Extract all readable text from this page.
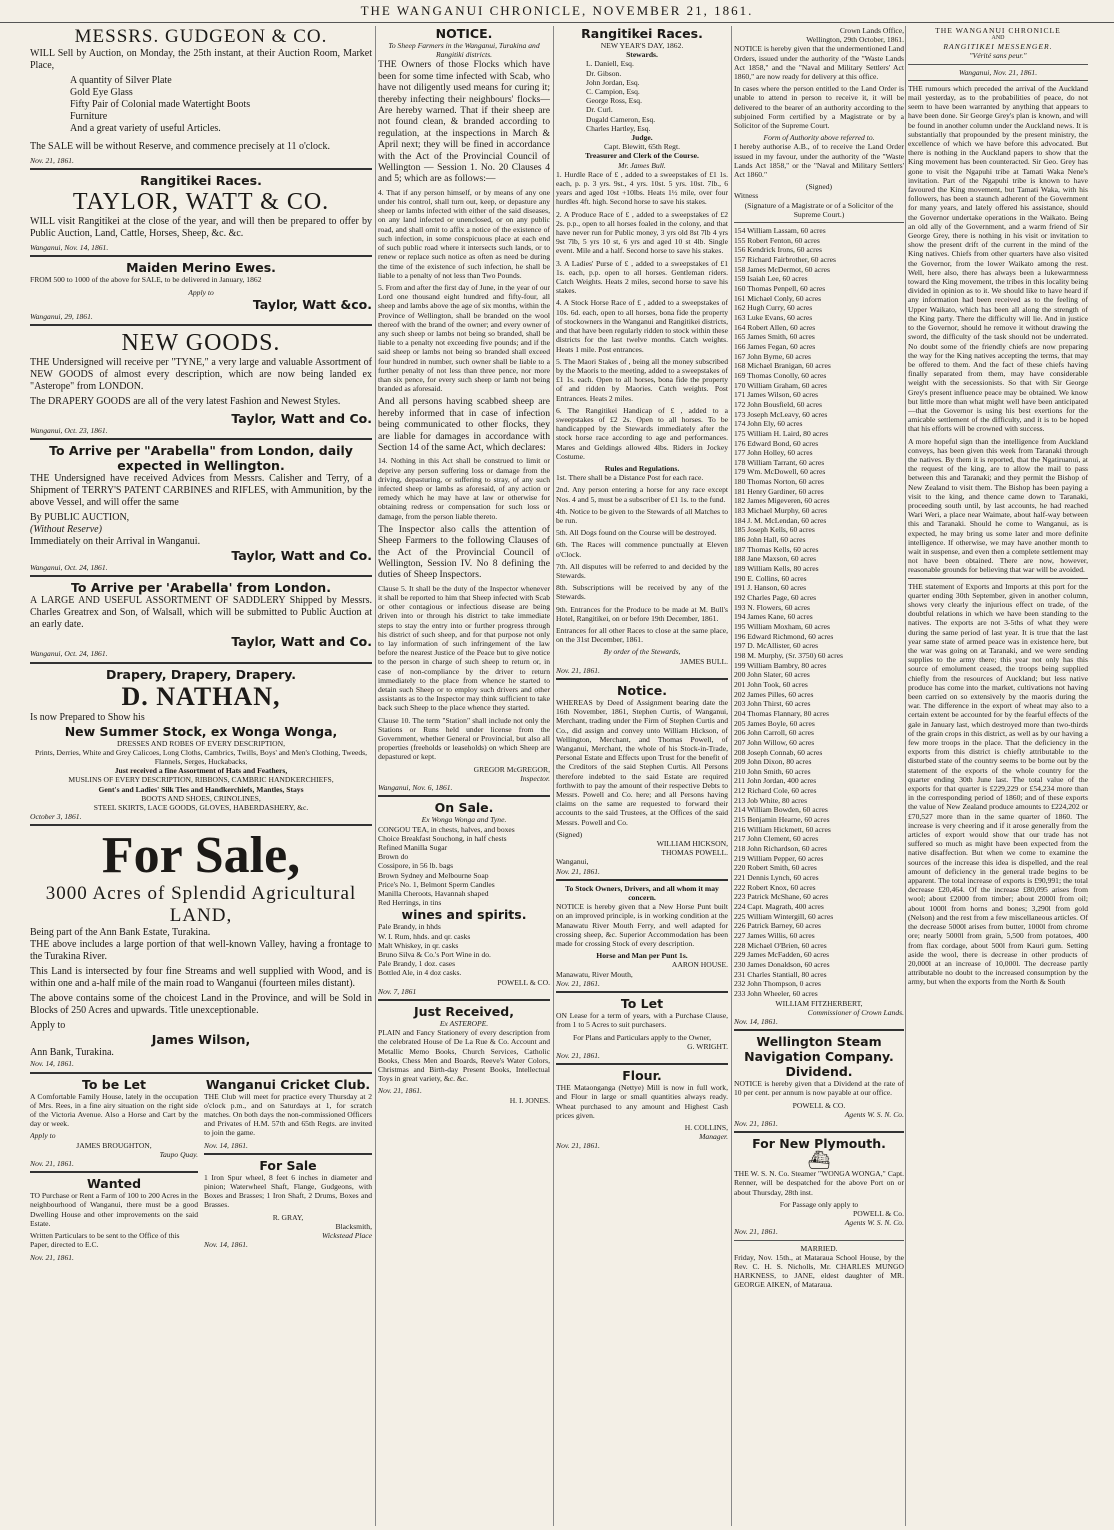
THE WANGANUI CHRONICLE, NOVEMBER 21, 1861.
MESSRS. GUDGEON & CO.

WILL Sell by Auction, on Monday, the 25th instant, at their Auction Room, Market Place,

A quantity of Silver Plate
Gold Eye Glass
Fifty Pair of Colonial made Watertight Boots
Furniture
And a great variety of useful Articles.

The SALE will be without Reserve, and commence precisely at 11 o'clock.

Nov. 21, 1861.
Rangitikei Races.
TAYLOR, WATT & CO.

WILL visit Rangitikei at the close of the year, and will then be prepared to offer by Public Auction, Land, Cattle, Horses, Sheep, &c. &c.

Wanganui, Nov. 14, 1861.
Maiden Merino Ewes.

FROM 500 to 1000 of the above for SALE, to be delivered in January, 1862

Apply to
Taylor, Watt &co.
Wanganui, 29, 1861.
NEW GOODS.

THE Undersigned will receive per "TYNE," a very large and valuable Assortment of NEW GOODS of almost every description, which are now being landed ex "Asterope" from LONDON.

The DRAPERY GOODS are all of the very latest Fashion and Newest Styles.

Taylor, Watt and Co.
Wanganui, Oct. 23, 1861.
To Arrive per "Arabella" from London, daily expected in Wellington.

THE Undersigned have received Advices from Messrs. Calisher and Terry, of a Shipment of TERRY'S PATENT CARBINES and RIFLES, with Ammunition, by the above Vessel, and will offer the same

By PUBLIC AUCTION,
(Without Reserve)
Immediately on their Arrival in Wanganui.
Taylor, Watt and Co.
Wanganui, Oct. 24, 1861.
To Arrive per 'Arabella' from London.

A LARGE AND USEFUL ASSORTMENT OF SADDLERY Shipped by Messrs. Charles Greatrex and Son, of Walsall, which will be submitted to Public Auction at an early date.

Taylor, Watt and Co.
Wanganui, Oct. 24, 1861.
Drapery, Drapery, Drapery.
D. NATHAN,
Is now Prepared to Show his
New Summer Stock, ex Wonga Wonga,
DRESSES AND ROBES OF EVERY DESCRIPTION,
Prints, Derries, White and Grey Calicoes, Long Cloths, Cambrics, Twills, Boys' and Men's Clothing, Tweeds, Flannels, Serges, Huckabacks,
Just received a fine Assortment of Hats and Feathers,
MUSLINS OF EVERY DESCRIPTION, RIBBONS, CAMBRIC HANDKERCHIEFS,
Gent's and Ladies' Silk Ties and Handkerchiefs, Mantles, Stays
BOOTS AND SHOES, CRINOLINES,
STEEL SKIRTS, LACE GOODS, GLOVES, HABERDASHERY, &c.
October 3, 1861.
For Sale,
3000 Acres of Splendid Agricultural LAND,
Being part of the Ann Bank Estate, Turakina.

THE above includes a large portion of that well-known Valley, having a frontage to the Turakina River.

This Land is intersected by four fine Streams and well supplied with Wood, and is within one and a-half mile of the main road to Wanganui (fourteen miles distant).

The above contains some of the choicest Land in the Province, and will be Sold in Blocks of 250 Acres and upwards. Title unexceptionable.

Apply to
James Wilson,
Ann Bank, Turakina.
Nov. 14, 1861.
To be Let

A Comfortable Family House, lately in the occupation of Mrs. Rees, in a fine airy situation on the right side of the Victoria Avenue. Also a Horse and Cart by the day or week.

Apply to
JAMES BROUGHTON,
Taupo Quay.
Nov. 21, 1861.
Wanted

TO Purchase or Rent a Farm of 100 to 200 Acres in the neighbourhood of Wanganui, there must be a good Dwelling House and other improvements on the said Estate.

Written Particulars to be sent to the Office of this Paper, directed to E.C.

Nov. 21, 1861.
Wanganui Cricket Club.

THE Club will meet for practice every Thursday at 2 o'clock p.m., and on Saturdays at 1, for scratch matches. On both days the non-commissioned Officers and Privates of H.M. 57th and 65th Regts. are invited to join the game.

Nov. 14, 1861.
For Sale

1 Iron Spur wheel, 8 feet 6 inches in diameter and pinion; Waterwheel Shaft, Flange, Gudgeons, with Boxes and Brasses; 1 Iron Shaft, 2 Drums, Boxes and Brasses.

R. GRAY,
Blacksmith,
Wickstead Place
Nov. 14, 1861.
NOTICE.
To Sheep Farmers in the Wanganui, Turakina and Rangitiki districts.

THE Owners of those Flocks which have been for some time infected with Scab, who have not diligently used means for curing it; thereby infecting their neighbours' flocks—Are hereby warned. That if their sheep are not found clean, & branded according to regulation, at the inspections in March & April next; they will be fined in accordance with the Act of the Provincial Council of Wellington — Session 1. No. 20 Clauses 4 and 5; which are as follows:—

4. That if any person himself, or by means of any one under his control, shall turn out, keep, or depasture any sheep or lambs infected with either of the said diseases, on any land infected or unenclosed, or on any public road, and shall omit to affix a notice of the existence of such infection, in some conspicuous place at each end of such public road where it intersects such lands, or to renew or replace such notice as often as need be during the time of the existence of such infection, he shall be liable to a penalty of not less than Two Pounds.

5. From and after the first day of June, in the year of our Lord one thousand eight hundred and fifty-four, all sheep and lambs above the age of six months, within the Province of Wellington, shall be branded on the wool thereof with the brand of the owner; and every owner of any such sheep or lambs not being so branded, shall be liable to a penalty not exceeding five pounds; and if the said sheep or lambs not being so branded shall exceed four hundred in number, such owner shall be liable to a further penalty of not less than three pence, nor more than six pence, for every such sheep or lamb not being branded as aforesaid.

And all persons having scabbed sheep are hereby informed that in case of infection being communicated to other flocks, they are liable for damages in accordance with Section 14 of the same Act, which declares:

14. Nothing in this Act shall be construed to limit or deprive any person suffering loss or damage from the driving, depasturing, or suffering to stray, of any such infected sheep or lambs as aforesaid, of any action or remedy which he may have at law or otherwise for obtaining redress or compensation for such loss or damage, from the person liable thereto.

The Inspector also calls the attention of Sheep Farmers to the following Clauses of the Act of the Provincial Council of Wellington, Session IV. No 8 defining the duties of Sheep Inspectors.

Clause 5. It shall be the duty of the Inspector whenever it shall be reported to him that Sheep infected with Scab or other contagious or infectious disease are being driven into or through his district to take immediate steps to stay the entry into or further progress through his district of such sheep, and for that purpose not only to lay information of such infringement of the law before the nearest Justice of the Peace but to give notice to the person in charge of such sheep to return or, in case of non-compliance by the driver to return immediately to the place from whence he started to detain such Sheep or to employ such drivers and other assistants as to the Inspector may think sufficient to take back such Sheep to the place whence they started.

Clause 10. The term "Station" shall include not only the Stations or Runs held under license from the Government, whether General or Provincial, but also all properties (freeholds or leaseholds) on which Sheep are depastured or kept.

GREGOR McGREGOR,
Inspector.
Wanganui, Nov. 6, 1861.
On Sale.
Ex Wonga Wonga and Tyne.
CONGOU TEA, in chests, halves, and boxes
Choice Breakfast Souchong, in half chests
Refined Manilla Sugar
Brown do
Cossipore, in 56 lb. bags
Brown Sydney and Melbourne Soap
Price's No. 1, Belmont Sperm Candles
Manilla Cheroots, Havannah shaped
Red Herrings, in tins
wines and spirits.
Pale Brandy, in hhds
W. I. Rum, hhds. and qr. casks
Malt Whiskey, in qr. casks
Bruno Silva & Co.'s Port Wine in do.
Pale Brandy, 1 doz. cases
Bottled Ale, in 4 doz casks.
POWELL & CO.
Nov. 7, 1861
Just Received,
Ex ASTEROPE.

PLAIN and Fancy Stationery of every description from the celebrated House of De La Rue & Co. Account and Metallic Memo Books, Church Services, Catholic Books, Chess Men and Boards, Reeve's Water Colors, Christmas and Birth-day Present Books, Intellectual Toys in great variety, &c. &c.

Nov. 21, 1861.
H. I. JONES.
Rangitikei Races.
NEW YEAR'S DAY, 1862.
Stewards.
L. Daniell, Esq.
Dr. Gibson.
John Jordan, Esq.
C. Campion, Esq.
George Ross, Esq.
Dr. Curl.
Dugald Cameron, Esq.
Charles Hartley, Esq.
Judge.
Capt. Blewitt, 65th Regt.
Treasurer and Clerk of the Course.
Mr. James Bull.

1. Hurdle Race of £ , added to a sweepstakes of £1 1s. each, p. p. 3 yrs. 9st., 4 yrs. 10st. 5 yrs. 10st. 7lb., 6 years and aged 10st +10lbs. Heats 1½ mile, over four hurdles 4ft. high. Second horse to save his stakes.

2. A Produce Race of £ , added to a sweepstakes of £2 2s. p.p., open to all horses foaled in the colony, and that have never run for Public money, 3 yrs old 8st 7lb 4 yrs 9st 7lb, 5 yrs 10 st, 6 yrs and aged 10 st 4lb. Single event. Mile and a half. Second horse to save his stakes.

3. A Ladies' Purse of £ , added to a sweepstakes of £1 1s. each, p.p. open to all horses. Gentleman riders. Catch Weights. Heats 2 miles, second horse to save his stakes.

4. A Stock Horse Race of £ , added to a sweepstakes of 10s. 6d. each, open to all horses, bona fide the property of stockowners in the Wanganui and Rangitikei districts, and that have been regularly ridden to stock within these districts for the last twelve months. Catch weights. Heats 1 mile. Post entrances.

5. The Maori Stakes of , being all the money subscribed by the Maoris to the meeting, added to a sweepstakes of £1 1s. each. Open to all horses, bona fide the property of and ridden by Maories. Catch weights. Post Entrances. Heats 2 miles.

6. The Rangitikei Handicap of £ , added to a sweepstakes of £2 2s. Open to all horses. To be handicapped by the Stewards immediately after the stock horse race according to age and performances. Mares and Geldings allowed 4lbs. Riders in Jockey Costume.

Rules and Regulations.

1st. There shall be a Distance Post for each race.

2nd. Any person entering a horse for any race except Nos. 4 and 5, must be a subscriber of £1 1s. to the fund.

4th. Notice to be given to the Stewards of all Matches to be run.

5th. All Dogs found on the Course will be destroyed.

6th. The Races will commence punctually at Eleven o'Clock.

7th. All disputes will be referred to and decided by the Stewards.

8th. Subscriptions will be received by any of the Stewards.

9th. Entrances for the Produce to be made at M. Bull's Hotel, Rangitikei, on or before 19th December, 1861.

Entrances for all other Races to close at the same place, on the 31st December, 1861.

By order of the Stewards,
JAMES BULL.
Nov. 21, 1861.
Notice.

WHEREAS by Deed of Assignment bearing date the 16th November, 1861, Stephen Curtis, of Wanganui, Merchant, trading under the Firm of Stephen Curtis and Co., did assign and convey unto William Hickson, of Wellington, Merchant, and Thomas Powell, of Wanganui, Merchant, the whole of his Stock-in-Trade, Personal Estate and Effects upon Trust for the benefit of the Creditors of the said Stephen Curtis. All Persons therefore indebted to the said Estate are required forthwith to pay the amount of their respective Debts to Messrs. Powell and Co. here; and all Persons having claims on the same are requested to forward their accounts to the said Trustees, at the Offices of the said Messrs. Powell and Co.

(Signed)
WILLIAM HICKSON,
THOMAS POWELL.
Wanganui,
Nov. 21, 1861.
To Stock Owners, Drivers, and all whom it may concern.

NOTICE is hereby given that a New Horse Punt built on an improved principle, is in working condition at the Manawatu River Mouth Ferry, and well adapted for crossing sheep, &c. Superior Accommodation has been made for crossing Stock of every description.

Horse and Man per Punt 1s.
AARON HOUSE.
Manawatu, River Mouth,
Nov. 21, 1861.
To Let

ON Lease for a term of years, with a Purchase Clause, from 1 to 5 Acres to suit purchasers.

For Plans and Particulars apply to the Owner,
G. WRIGHT.
Nov. 21, 1861.
Flour.

THE Mataonganga (Nettye) Mill is now in full work, and Flour in large or small quantities always ready. Wheat purchased to any amount and Highest Cash prices given.

H. COLLINS,
Manager.
Nov. 21, 1861.
Crown Lands Office,
Wellington, 29th October, 1861.

NOTICE is hereby given that the undermentioned Land Orders, issued under the authority of the "Waste Lands Act 1858," and the "Naval and Military Settlers' Act 1860," are now ready for delivery at this office.

In cases where the person entitled to the Land Order is unable to attend in person to receive it, it will be delivered to the bearer of an authority according to the subjoined Form certified by a Magistrate or by a Solicitor of the Supreme Court.

Form of Authority above referred to.

I hereby authorise A.B., of to receive the Land Order issued in my favour, under the authority of the "Waste Lands Act 1858," or the "Naval and Military Settlers' Act 1860."

(Signed)
Witness
(Signature of a Magistrate or of a Solicitor of the Supreme Court.)
154 William Lassam, 60 acres
155 Robert Fenton, 60 acres
156 Kendrick Irons, 60 acres
157 Richard Fairbrother, 60 acres
158 James McDermot, 60 acres
159 Isaiah Lee, 60 acres
160 Thomas Penpell, 60 acres
161 Michael Conly, 60 acres
162 Hugh Curry, 60 acres
163 Luke Evans, 60 acres
164 Robert Allen, 60 acres
165 James Smith, 60 acres
166 James Fegan, 60 acres
167 John Byrne, 60 acres
168 Michael Branigan, 60 acres
169 Thomas Conolly, 60 acres
170 William Graham, 60 acres
171 James Wilson, 60 acres
172 John Bousfield, 60 acres
173 Joseph McLeavy, 60 acres
174 John Ely, 60 acres
175 William H. Laird, 80 acres
176 Edward Bond, 60 acres
177 John Holley, 60 acres
178 William Tarrant, 60 acres
179 Wm. McDowell, 60 acres
180 Thomas Norton, 60 acres
181 Henry Gardiner, 60 acres
182 James Migeveren, 60 acres
183 Michael Murphy, 60 acres
184 J. M. McLendan, 60 acres
185 Joseph Kells, 60 acres
186 John Hall, 60 acres
187 Thomas Kells, 60 acres
188 Jane Maxson, 60 acres
189 William Kells, 80 acres
190 E. Collins, 60 acres
191 J. Hanson, 60 acres
192 Charles Page, 60 acres
193 N. Flowers, 60 acres
194 James Kane, 60 acres
195 William Moxham, 60 acres
196 Edward Richmond, 60 acres
197 D. McAllister, 60 acres
198 M. Murphy, (Sr. 3750) 60 acres
199 William Bambry, 80 acres
200 John Slater, 60 acres
201 John Took, 60 acres
202 James Pilles, 60 acres
203 John Thirst, 60 acres
204 Thomas Flannary, 80 acres
205 James Boyle, 60 acres
206 John Carroll, 60 acres
207 John Willow, 60 acres
208 Joseph Connab, 60 acres
209 John Dixon, 80 acres
210 John Smith, 60 acres
211 John Jordan, 400 acres
212 Richard Cole, 60 acres
213 Job White, 80 acres
214 William Bowden, 60 acres
215 Benjamin Hearne, 60 acres
216 William Hickmett, 60 acres
217 John Clement, 60 acres
218 John Richardson, 60 acres
219 William Pepper, 60 acres
220 Robert Smith, 60 acres
221 Dennis Lynch, 60 acres
222 Robert Knox, 60 acres
223 Patrick McShane, 60 acres
224 Capt. Magrath, 400 acres
225 William Wintergill, 60 acres
226 Patrick Barney, 60 acres
227 James Willis, 60 acres
228 Michael O'Brien, 60 acres
229 James McFadden, 60 acres
230 James Donaldson, 60 acres
231 Charles Stantiall, 80 acres
232 John Thompson, 0 acres
233 John Wheeler, 60 acres
WILLIAM FITZHERBERT,
Commissioner of Crown Lands.
Nov. 14, 1861.
Wellington Steam Navigation Company.
Dividend.

NOTICE is hereby given that a Dividend at the rate of 10 per cent. per annum is now payable at our office.

POWELL & CO.
Agents W. S. N. Co.
Nov. 21, 1861.
For New Plymouth.
⛴

THE W. S. N. Co. Steamer "WONGA WONGA," Capt. Renner, will be despatched for the above Port on or about Thursday, 28th inst.

For Passage only apply to
POWELL & Co.
Agents W. S. N. Co.
Nov. 21, 1861.
MARRIED.

Friday, Nov. 15th., at Mataraua School House, by the Rev. C. H. S. Nicholls, Mr. CHARLES MUNGO HARKNESS, to JANE, eldest daughter of MR. GEORGE AIKEN, of Mataraua.

THE WANGANUI CHRONICLE
AND
RANGITIKEI MESSENGER.
"Vérité sans peur."
Wanganui, Nov. 21, 1861.

THE rumours which preceded the arrival of the Auckland mail yesterday, as to the probabilities of peace, do not seem to have been warranted by anything that appears to have been done. Sir George Grey's plan is known, and will be found in another column under the Auckland news. It is substantially that propounded by the present ministry, the excellence of which we have before this advocated. But there is nothing in the Auckland papers to show that the King movement has been counteracted. Sir Geo. Grey has gone to visit the Ngapuhi tribe at Tamati Waka Nene's invitation. Part of the Ngapuhi tribe is known to have favoured the King movement, but Tamati Waka, with his followers, has been a staunch adherent of the Government for many years, and lately offered his assistance, should the Governor undertake operations in the Waikato. Being an old ally of the Government, and a warm friend of Sir George Grey, there is nothing in his visit or invitation to show the present drift of the current in the mind of the King natives. Chiefs from other quarters have also visited the Governor, from the lower Waikato among the rest. Well, here also, there has always been a lukewarmness toward the King movement, the tribes in this locality being divided in opinion as to it. We should like to have heard if any information had been received as to the feeling of Upper Waikato, which has been all along the strength of the King party. There the difficulty will lie. And in justice to the Governor, should he remove it without drawing the sword, the difficulty of the task should not be underrated. No doubt some of the friendly chiefs are now preparing the way for the King natives accepting the terms, that may be offered to them. And the fact of these chiefs having finally separated from them, may have considerable weight with the secessionists. So that with Sir George Grey's present influence peace may be obtained. We know but little more than what might well have been anticipated—that the Governor is using his best exertions for the amicable settlement of the difficulty, and it is to be hoped that his efforts will be crowned with success.

A more hopeful sign than the intelligence from Auckland conveys, has been given this week from Taranaki through the natives. By them it is reported, that the Ngatiruanui, at the request of the king, are to allow the mail to pass between this and Taranaki; and they permit the Bishop of New Zealand to visit them. The Bishop has been paying a visit to the king, and thence came down to Taranaki, proceeding south until, by last accounts, he had reached Wari Weri, a place near Waimate, about half-way between this and Taranaki. Should he come to Wanganui, as is expected, he may bring us some later and more definite intelligence. If otherwise, we may have another month to wait in suspense, and even then a complete settlement may not have been obtained. There are now, however, reasonable grounds for believing that war will be avoided.

THE statement of Exports and Imports at this port for the quarter ending 30th September, given in another column, shows very clearly the injurious effect on trade, of the doubtful relations in which we have been standing to the natives. The exports are not 3-5ths of what they were during the same period of last year. It is true that the last year same state of armed peace was in existence here, but the war was going on at Taranaki, and we were sending supplies to the army there; this year not only has this source of emolument ceased, the troops being supplied chiefly from the resources of Auckland; but less native produce has come into the market, cultivations not having been carried on so extensively by the maoris during the war. The difference in the export of wheat may also to a certain extent be accounted for by the fearful effects of the gale in January last, which destroyed more than two-thirds of the grain crops in this district, as well as by our having a few more troops in the place. That the deficiency in the exports from this district is chiefly attributable to the disturbed state of the country seems to be borne out by the statement of the exports of the whole country for the quarter ending 30th June last. The total value of the exports for that quarter is £229,229 or £54,234 more than in the corresponding period of 1860; and of these exports the value of New Zealand produce amounts to £224,202 or £70,527 more than in the same quarter of 1860. The increase is very cheering and if it arose generally from the articles of export would show that our trade has not suffered so much as might have been expected from the native disaffection. But when we come to examine the sources of the increase this idea is dispelled, and the real amount of deficiency in the general trade begins to be apparent. The total increase of exports is £90,991; the total decrease £20,464. Of the increase £80,095 arises from wool; about £2000 from timber; about 2000l from oil; about 1000l from horns and bones; 3,290l from gold (Nelson) and the rest from a few miscellaneous articles. Of the decrease 5000l arises from butter, 1000l from chrome ore; nearly 5000l from grain, 5,500 from potatoes, 400 from flax cordage, about 500l from Kauri gum. Setting aside the wool, there is decrease in other products of 20,000l at an increase of 10,000l. The decrease partly attributable no doubt to the increased consumption by the army, but when the exports from the North & South
